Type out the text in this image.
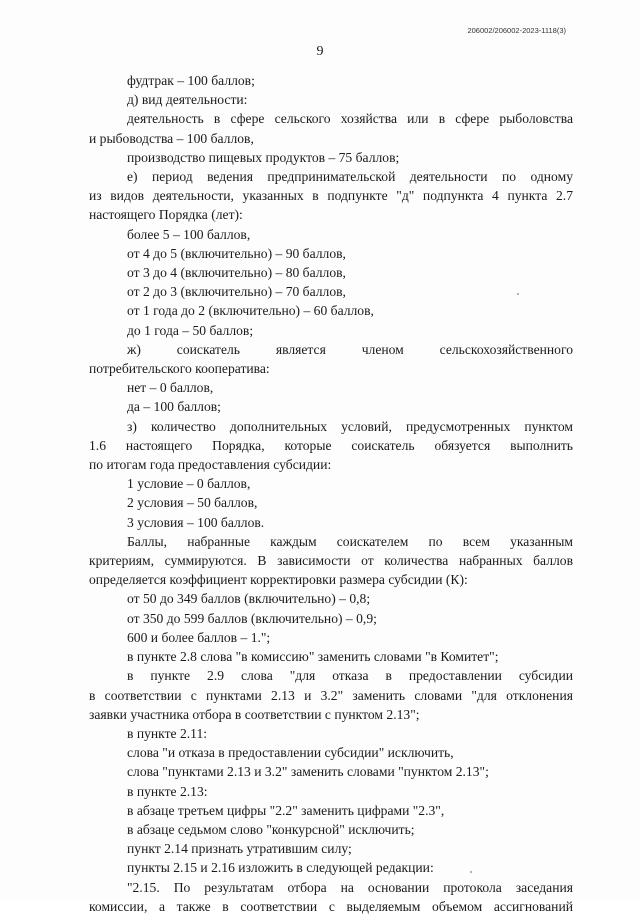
206002/206002-2023-1118(3)
9

фудтрак – 100 баллов;

д) вид деятельности:

деятельность в сфере сельского хозяйства или в сфере рыболовства

и рыбоводства – 100 баллов,

производство пищевых продуктов – 75 баллов;

е) период ведения предпринимательской деятельности по одному

из видов деятельности, указанных в подпункте "д" подпункта 4 пункта 2.7

настоящего Порядка (лет):

более 5 – 100 баллов,

от 4 до 5 (включительно) – 90 баллов,

от 3 до 4 (включительно) – 80 баллов,

от 2 до 3 (включительно) – 70 баллов,

от 1 года до 2 (включительно) – 60 баллов,

до 1 года – 50 баллов;

ж) соискатель является членом сельскохозяйственного

потребительского кооператива:

нет – 0 баллов,

да – 100 баллов;

з) количество дополнительных условий, предусмотренных пунктом

1.6 настоящего Порядка, которые соискатель обязуется выполнить

по итогам года предоставления субсидии:

1 условие – 0 баллов,

2 условия – 50 баллов,

3 условия – 100 баллов.

Баллы, набранные каждым соискателем по всем указанным

критериям, суммируются. В зависимости от количества набранных баллов

определяется коэффициент корректировки размера субсидии (К):

от 50 до 349 баллов (включительно) – 0,8;

от 350 до 599 баллов (включительно) – 0,9;

600 и более баллов – 1.";

в пункте 2.8 слова "в комиссию" заменить словами "в Комитет";

в пункте 2.9 слова "для отказа в предоставлении субсидии

в соответствии с пунктами 2.13 и 3.2" заменить словами "для отклонения

заявки участника отбора в соответствии с пунктом 2.13";

в пункте 2.11:

слова "и отказа в предоставлении субсидии" исключить,

слова "пунктами 2.13 и 3.2" заменить словами "пунктом 2.13";

в пункте 2.13:

в абзаце третьем цифры "2.2" заменить цифрами "2.3",

в абзаце седьмом слово "конкурсной" исключить;

пункт 2.14 признать утратившим силу;

пункты 2.15 и 2.16 изложить в следующей редакции:

"2.15. По результатам отбора на основании протокола заседания

комиссии, а также в соответствии с выделяемым объемом ассигнований
